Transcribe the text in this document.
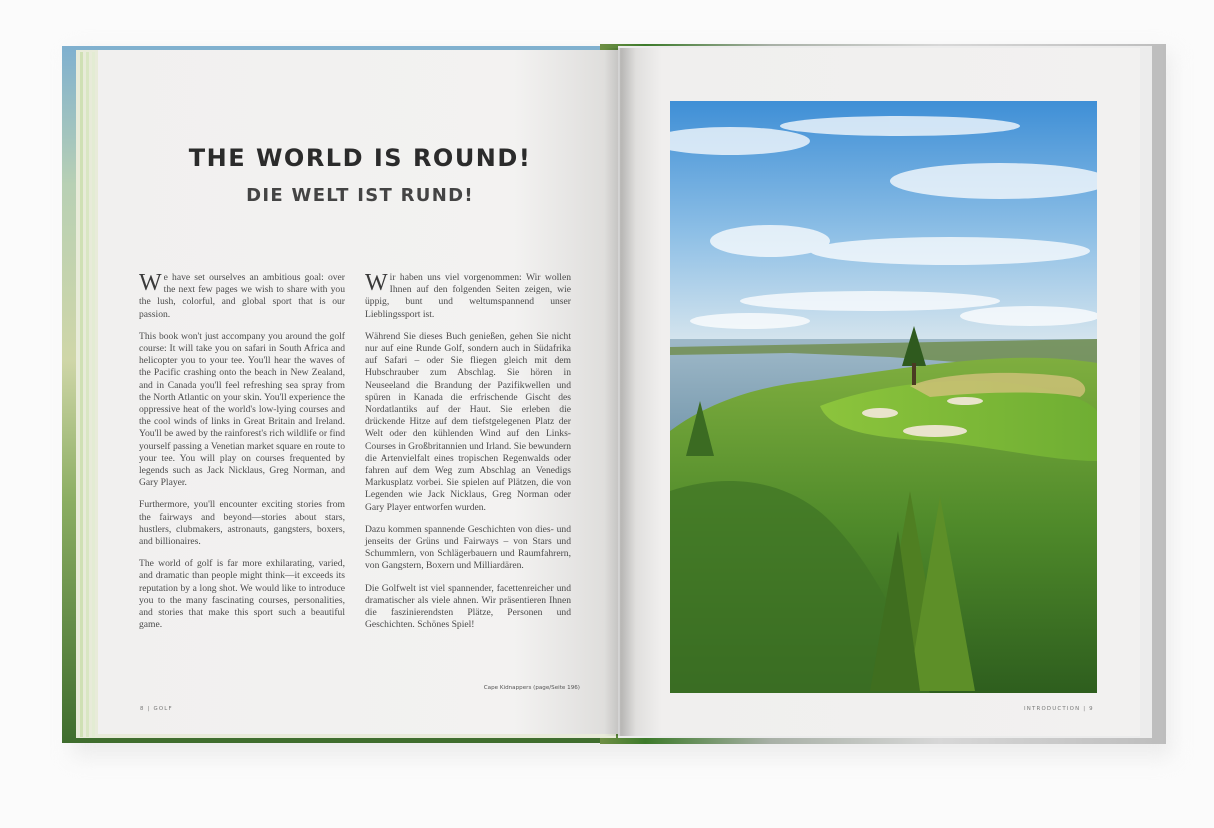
THE WORLD IS ROUND!
DIE WELT IST RUND!

We have set ourselves an ambitious goal: over the next few pages we wish to share with you the lush, colorful, and global sport that is our passion.

This book won't just accompany you around the golf course: It will take you on safari in South Africa and helicopter you to your tee. You'll hear the waves of the Pacific crashing onto the beach in New Zealand, and in Canada you'll feel refreshing sea spray from the North Atlantic on your skin. You'll experience the oppressive heat of the world's low-lying courses and the cool winds of links in Great Britain and Ireland. You'll be awed by the rainforest's rich wildlife or find yourself passing a Venetian market square en route to your tee. You will play on courses frequented by legends such as Jack Nicklaus, Greg Norman, and Gary Player.

Furthermore, you'll encounter exciting stories from the fairways and beyond—stories about stars, hustlers, clubmakers, astronauts, gangsters, boxers, and billionaires.

The world of golf is far more exhilarating, varied, and dramatic than people might think—it exceeds its reputation by a long shot. We would like to introduce you to the many fascinating courses, personalities, and stories that make this sport such a beautiful game.

Wir haben uns viel vorgenommen: Wir wollen Ihnen auf den folgenden Seiten zeigen, wie üppig, bunt und weltumspannend unser Lieblingssport ist.

Während Sie dieses Buch genießen, gehen Sie nicht nur auf eine Runde Golf, sondern auch in Südafrika auf Safari – oder Sie fliegen gleich mit dem Hubschrauber zum Abschlag. Sie hören in Neuseeland die Brandung der Pazifikwellen und spüren in Kanada die erfrischende Gischt des Nordatlantiks auf der Haut. Sie erleben die drückende Hitze auf dem tiefstgelegenen Platz der Welt oder den kühlenden Wind auf den Links-Courses in Großbritannien und Irland. Sie bewundern die Artenvielfalt eines tropischen Regenwalds oder fahren auf dem Weg zum Abschlag an Venedigs Markusplatz vorbei. Sie spielen auf Plätzen, die von Legenden wie Jack Nicklaus, Greg Norman oder Gary Player entworfen wurden.

Dazu kommen spannende Geschichten von dies- und jenseits der Grüns und Fairways – von Stars und Schummlern, von Schlägerbauern und Raumfahrern, von Gangstern, Boxern und Milliardären.

Die Golfwelt ist viel spannender, facettenreicher und dramatischer als viele ahnen. Wir präsentieren Ihnen die faszinierendsten Plätze, Personen und Geschichten. Schönes Spiel!

Cape Kidnappers (page/Seite 196)
8 | GOLF	INTRODUCTION | 9
